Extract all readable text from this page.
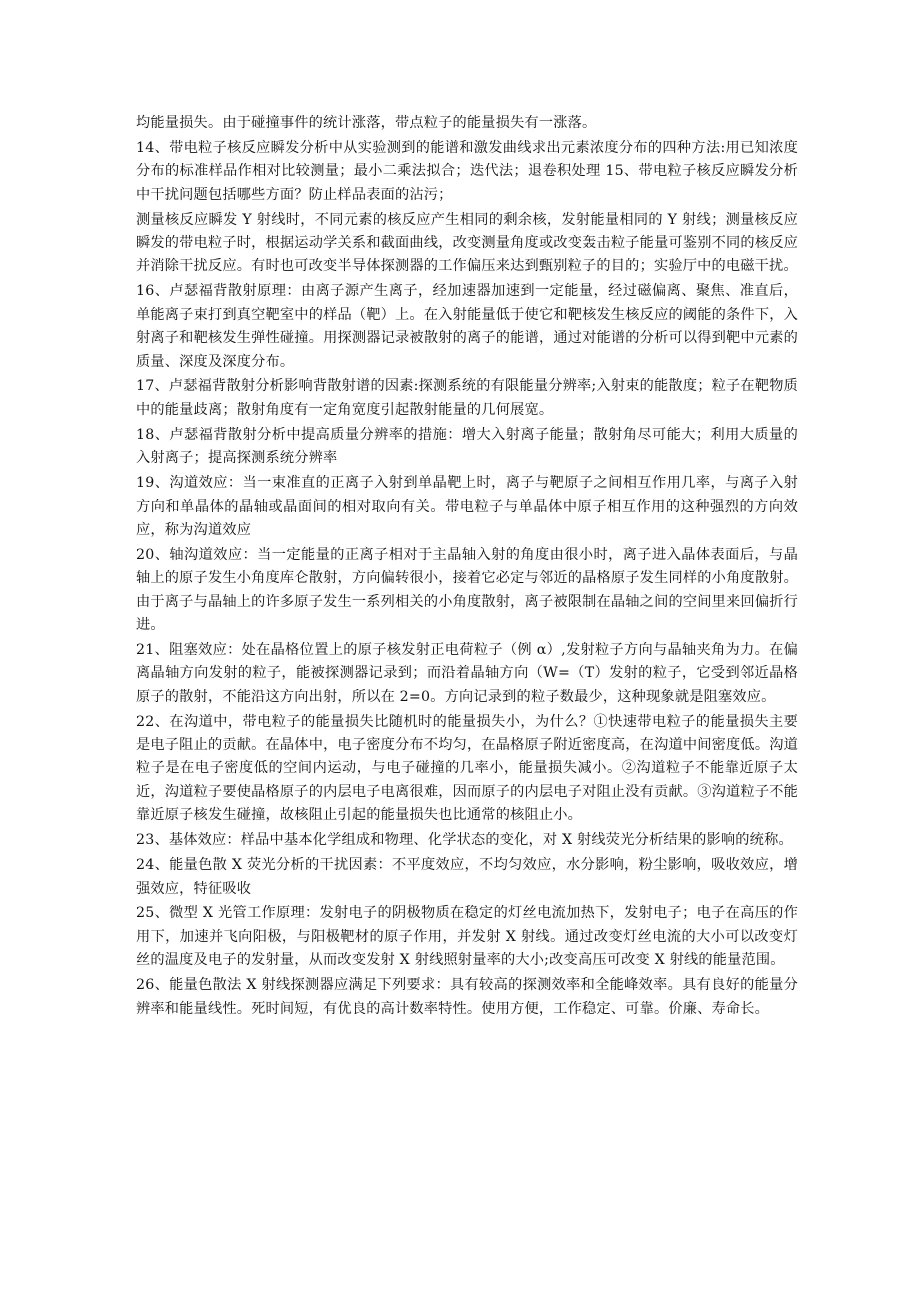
均能量损失。由于碰撞事件的统计涨落，带点粒子的能量损失有一涨落。

14、带电粒子核反应瞬发分析中从实验测到的能谱和激发曲线求出元素浓度分布的四种方法:用已知浓度分布的标准样品作相对比较测量；最小二乘法拟合；迭代法；退卷积处理 15、带电粒子核反应瞬发分析中干扰问题包括哪些方面？防止样品表面的沾污；

测量核反应瞬发 Y 射线时，不同元素的核反应产生相同的剩余核，发射能量相同的 Y 射线；测量核反应瞬发的带电粒子时，根据运动学关系和截面曲线，改变测量角度或改变轰击粒子能量可鉴别不同的核反应并消除干扰反应。有时也可改变半导体探测器的工作偏压来达到甄别粒子的目的；实验厅中的电磁干扰。

16、卢瑟福背散射原理：由离子源产生离子，经加速器加速到一定能量，经过磁偏离、聚焦、准直后，单能离子束打到真空靶室中的样品（靶）上。在入射能量低于使它和靶核发生核反应的阈能的条件下，入射离子和靶核发生弹性碰撞。用探测器记录被散射的离子的能谱，通过对能谱的分析可以得到靶中元素的质量、深度及深度分布。

17、卢瑟福背散射分析影响背散射谱的因素:探测系统的有限能量分辨率;入射束的能散度；粒子在靶物质中的能量歧离；散射角度有一定角宽度引起散射能量的几何展宽。

18、卢瑟福背散射分析中提高质量分辨率的措施：增大入射离子能量；散射角尽可能大；利用大质量的入射离子；提高探测系统分辨率

19、沟道效应：当一束准直的正离子入射到单晶靶上时，离子与靶原子之间相互作用几率，与离子入射方向和单晶体的晶轴或晶面间的相对取向有关。带电粒子与单晶体中原子相互作用的这种强烈的方向效应，称为沟道效应

20、轴沟道效应：当一定能量的正离子相对于主晶轴入射的角度由很小时，离子进入晶体表面后，与晶轴上的原子发生小角度库仑散射，方向偏转很小，接着它必定与邻近的晶格原子发生同样的小角度散射。由于离子与晶轴上的许多原子发生一系列相关的小角度散射，离子被限制在晶轴之间的空间里来回偏折行进。

21、阻塞效应：处在晶格位置上的原子核发射正电荷粒子（例 α）,发射粒子方向与晶轴夹角为力。在偏离晶轴方向发射的粒子，能被探测器记录到；而沿着晶轴方向（W=（T）发射的粒子，它受到邻近晶格原子的散射，不能沿这方向出射，所以在 2=0。方向记录到的粒子数最少，这种现象就是阻塞效应。

22、在沟道中，带电粒子的能量损失比随机时的能量损失小，为什么？①快速带电粒子的能量损失主要是电子阻止的贡献。在晶体中，电子密度分布不均匀，在晶格原子附近密度高，在沟道中间密度低。沟道粒子是在电子密度低的空间内运动，与电子碰撞的几率小，能量损失减小。②沟道粒子不能靠近原子太近，沟道粒子要使晶格原子的内层电子电离很难，因而原子的内层电子对阻止没有贡献。③沟道粒子不能靠近原子核发生碰撞，故核阻止引起的能量损失也比通常的核阻止小。

23、基体效应：样品中基本化学组成和物理、化学状态的变化，对 X 射线荧光分析结果的影响的统称。

24、能量色散 X 荧光分析的干扰因素：不平度效应，不均匀效应，水分影响，粉尘影响，吸收效应，增强效应，特征吸收

25、微型 X 光管工作原理：发射电子的阴极物质在稳定的灯丝电流加热下，发射电子；电子在高压的作用下，加速并飞向阳极，与阳极靶材的原子作用，并发射 X 射线。通过改变灯丝电流的大小可以改变灯丝的温度及电子的发射量，从而改变发射 X 射线照射量率的大小;改变高压可改变 X 射线的能量范围。

26、能量色散法 X 射线探测器应满足下列要求：具有较高的探测效率和全能峰效率。具有良好的能量分辨率和能量线性。死时间短，有优良的高计数率特性。使用方便，工作稳定、可靠。价廉、寿命长。
